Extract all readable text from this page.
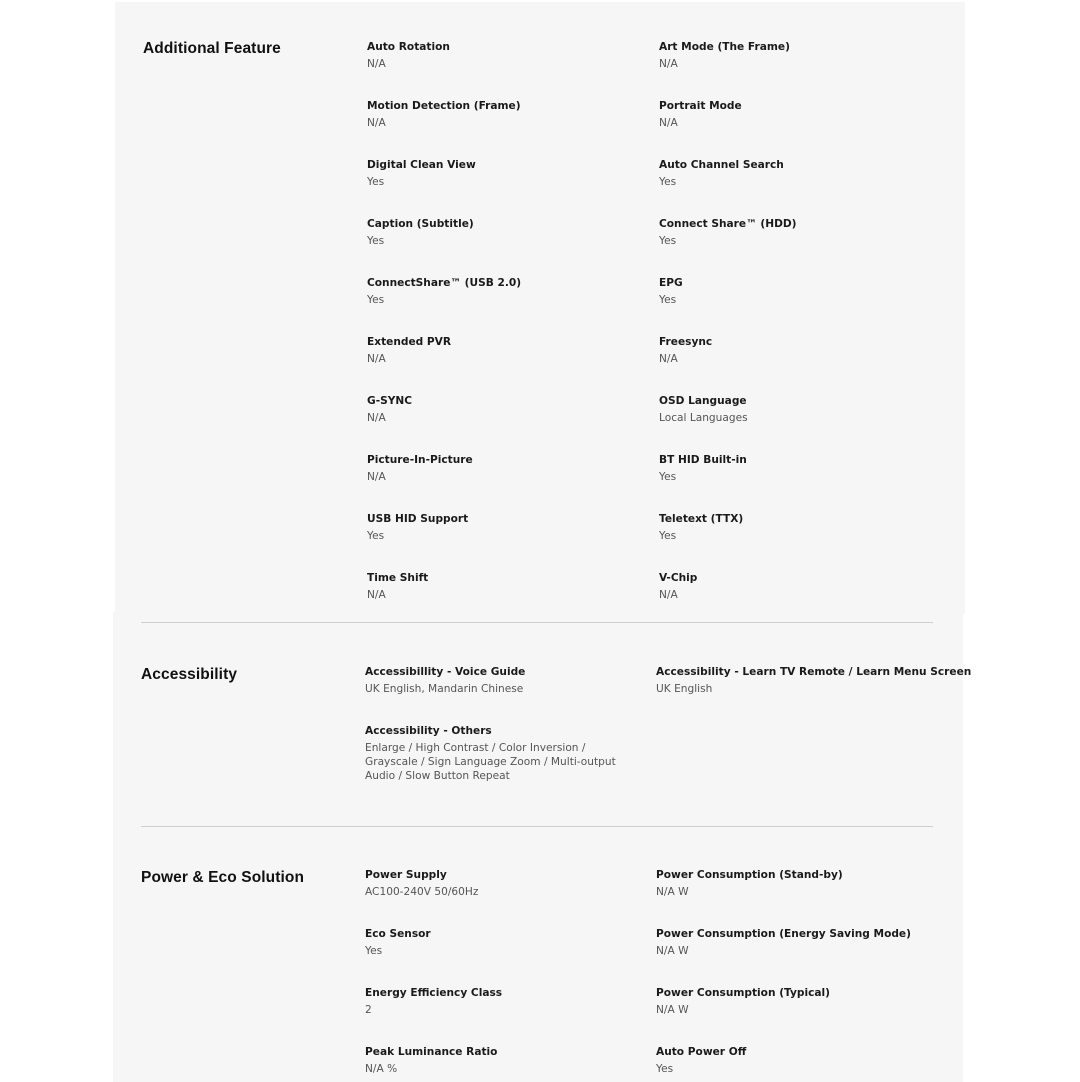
Additional Feature	Auto Rotation
N/A
Art Mode (The Frame)
N/A
Motion Detection (Frame)
N/A
Portrait Mode
N/A
Digital Clean View
Yes
Auto Channel Search
Yes
Caption (Subtitle)
Yes
Connect Share™ (HDD)
Yes
ConnectShare™ (USB 2.0)
Yes
EPG
Yes
Extended PVR
N/A
Freesync
N/A
G-SYNC
N/A
OSD Language
Local Languages
Picture-In-Picture
N/A
BT HID Built-in
Yes
USB HID Support
Yes
Teletext (TTX)
Yes
Time Shift
N/A
V-Chip
N/A
Accessibility	Accessibillity - Voice Guide
UK English, Mandarin Chinese
Accessibility - Learn TV Remote / Learn Menu Screen
UK English
Accessibility - Others
Enlarge / High Contrast / Color Inversion / Grayscale / Sign Language Zoom / Multi-output Audio / Slow Button Repeat
Power & Eco Solution	Power Supply
AC100-240V 50/60Hz
Power Consumption (Stand-by)
N/A W
Eco Sensor
Yes
Power Consumption (Energy Saving Mode)
N/A W
Energy Efficiency Class
2
Power Consumption (Typical)
N/A W
Peak Luminance Ratio
N/A %
Auto Power Off
Yes
